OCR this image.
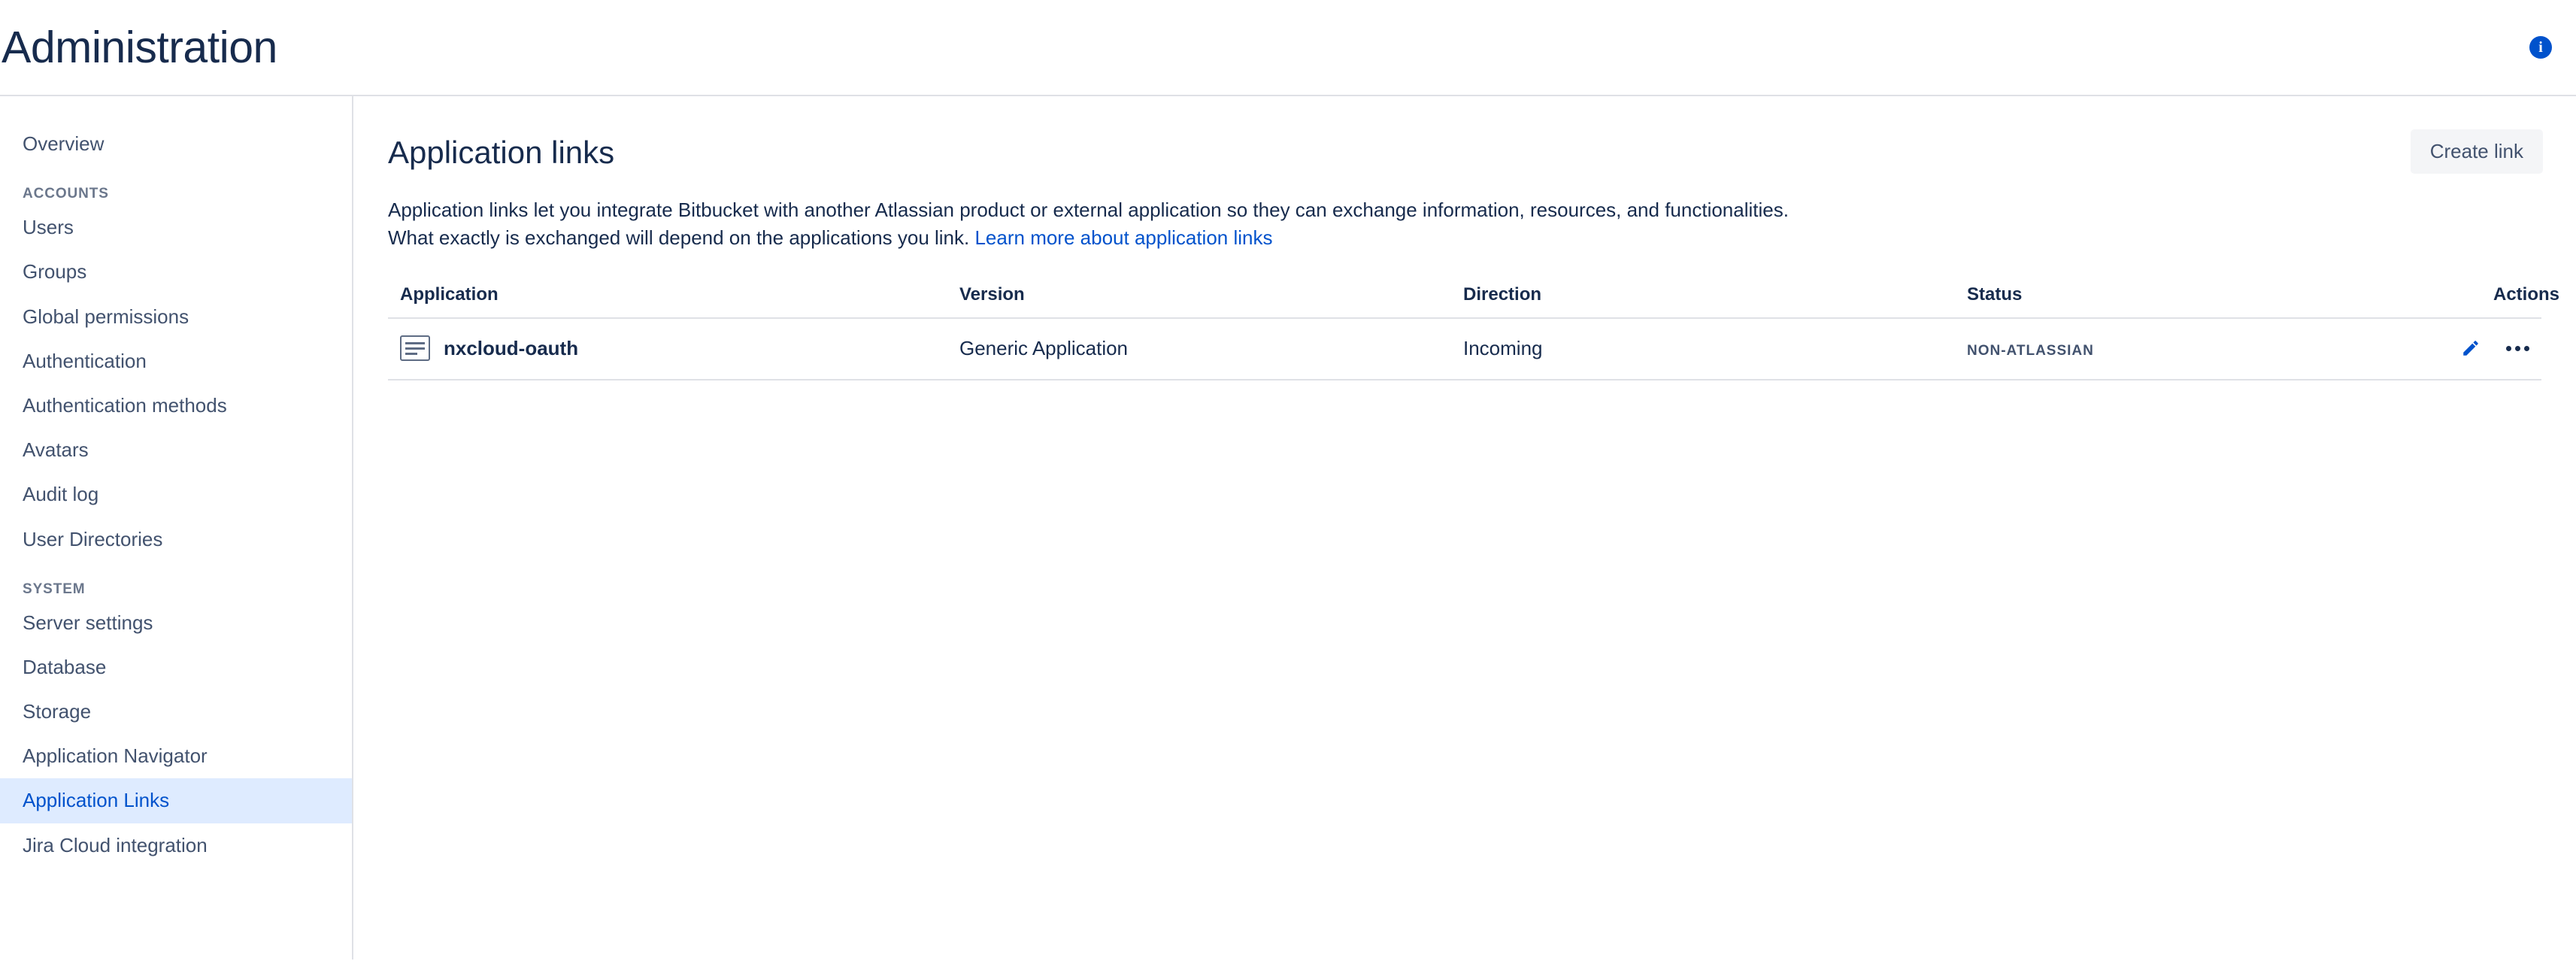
Administration	i
Overview
ACCOUNTS
Users
Groups
Global permissions
Authentication
Authentication methods
Avatars
Audit log
User Directories
SYSTEM
Server settings
Database
Storage
Application Navigator
Application Links
Jira Cloud integration
Application links	Create link

Application links let you integrate Bitbucket with another Atlassian product or external application so they can exchange information, resources, and functionalities. What exactly is exchanged will depend on the applications you link. Learn more about application links

Application	Version	Direction	Status	Actions

nxcloud-oauth	Generic Application	Incoming	NON-ATLASSIAN	
